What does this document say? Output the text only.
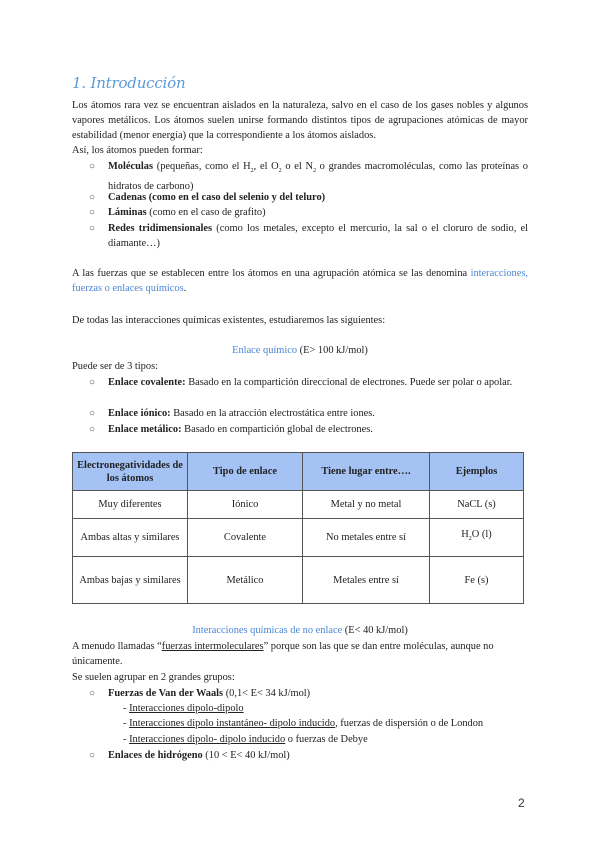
1. Introducción
Los átomos rara vez se encuentran aislados en la naturaleza, salvo en el caso de los gases nobles y algunos vapores metálicos. Los átomos suelen unirse formando distintos tipos de agrupaciones atómicas de mayor estabilidad (menor energía) que la correspondiente a los átomos aislados.
Así, los átomos pueden formar:
○ Moléculas (pequeñas, como el $H_2$, el $O_2$ o el $N_2$ o grandes macromoléculas, como las proteínas o hidratos de carbono)
○ Cadenas (como en el caso del selenio y del teluro)
○ Láminas (como en el caso de grafito)
○ Redes tridimensionales (como los metales, excepto el mercurio, la sal o el cloruro de sodio, el diamante…)
A las fuerzas que se establecen entre los átomos en una agrupación atómica se las denomina interacciones, fuerzas o enlaces químicos.
De todas las interacciones químicas existentes, estudiaremos las siguientes:
Enlace químico (E> 100 kJ/mol)
Puede ser de 3 tipos:
○ Enlace covalente: Basado en la compartición direccional de electrones. Puede ser polar o apolar.
○ Enlace iónico: Basado en la atracción electrostática entre iones.
○ Enlace metálico: Basado en compartición global de electrones.
Electronegatividades de los átomos	Tipo de enlace	Tiene lugar entre….	Ejemplos
Muy diferentes	Iónico	Metal y no metal	NaCL (s)
Ambas altas y similares	Covalente	No metales entre sí	$H_2O$ (l)
Ambas bajas y similares	Metálico	Metales entre sí	Fe (s)
Interacciones químicas de no enlace (E< 40 kJ/mol)
A menudo llamadas “fuerzas intermoleculares” porque son las que se dan entre moléculas, aunque no únicamente.
Se suelen agrupar en 2 grandes grupos:
○ Fuerzas de Van der Waals (0,1< E< 34 kJ/mol)
- Interacciones dipolo-dipolo
- Interacciones dipolo instantáneo- dipolo inducido, fuerzas de dispersión o de London
- Interacciones dipolo- dipolo inducido o fuerzas de Debye
○ Enlaces de hidrógeno (10 < E< 40 kJ/mol)
2
